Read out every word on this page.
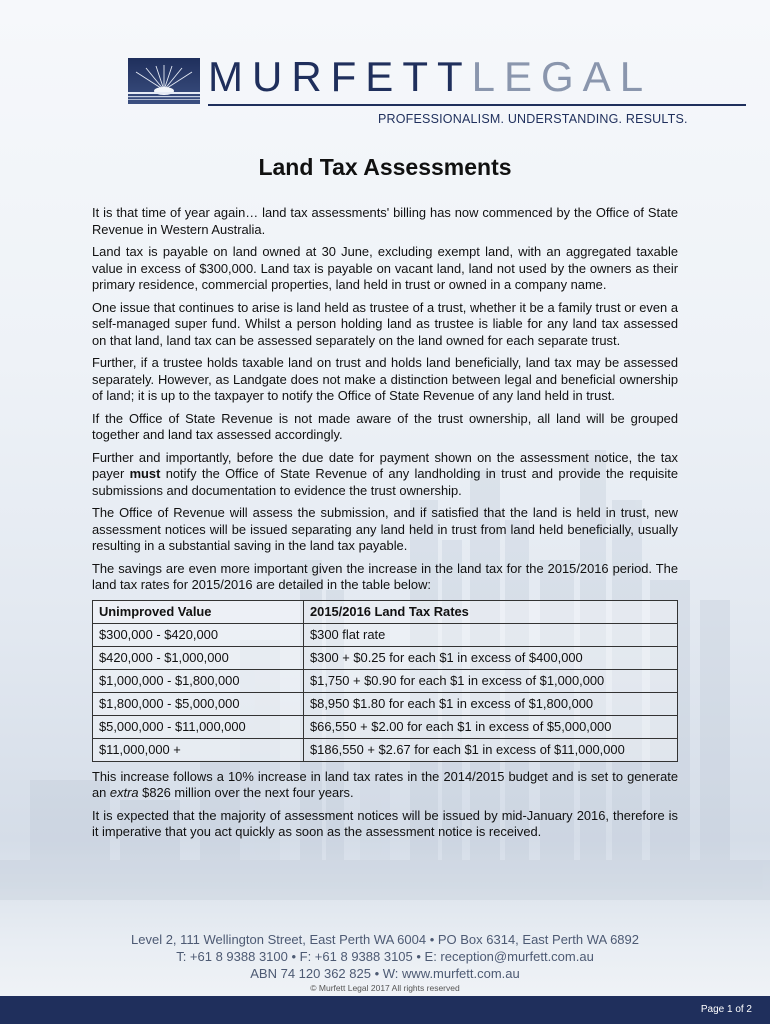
MURFETTLEGAL
PROFESSIONALISM. UNDERSTANDING. RESULTS.
Land Tax Assessments

It is that time of year again… land tax assessments' billing has now commenced by the Office of State Revenue in Western Australia.

Land tax is payable on land owned at 30 June, excluding exempt land, with an aggregated taxable value in excess of $300,000. Land tax is payable on vacant land, land not used by the owners as their primary residence, commercial properties, land held in trust or owned in a company name.

One issue that continues to arise is land held as trustee of a trust, whether it be a family trust or even a self-managed super fund. Whilst a person holding land as trustee is liable for any land tax assessed on that land, land tax can be assessed separately on the land owned for each separate trust.

Further, if a trustee holds taxable land on trust and holds land beneficially, land tax may be assessed separately. However, as Landgate does not make a distinction between legal and beneficial ownership of land; it is up to the taxpayer to notify the Office of State Revenue of any land held in trust.

If the Office of State Revenue is not made aware of the trust ownership, all land will be grouped together and land tax assessed accordingly.

Further and importantly, before the due date for payment shown on the assessment notice, the tax payer must notify the Office of State Revenue of any landholding in trust and provide the requisite submissions and documentation to evidence the trust ownership.

The Office of Revenue will assess the submission, and if satisfied that the land is held in trust, new assessment notices will be issued separating any land held in trust from land held beneficially, usually resulting in a substantial saving in the land tax payable.

The savings are even more important given the increase in the land tax for the 2015/2016 period. The land tax rates for 2015/2016 are detailed in the table below:

Unimproved Value	2015/2016 Land Tax Rates
$300,000 - $420,000	$300 flat rate
$420,000 - $1,000,000	$300 + $0.25 for each $1 in excess of $400,000
$1,000,000 - $1,800,000	$1,750 + $0.90 for each $1 in excess of $1,000,000
$1,800,000 - $5,000,000	$8,950 $1.80 for each $1 in excess of $1,800,000
$5,000,000 - $11,000,000	$66,550 + $2.00 for each $1 in excess of $5,000,000
$11,000,000 +	$186,550 + $2.67 for each $1 in excess of $11,000,000

This increase follows a 10% increase in land tax rates in the 2014/2015 budget and is set to generate an extra $826 million over the next four years.

It is expected that the majority of assessment notices will be issued by mid-January 2016, therefore is it imperative that you act quickly as soon as the assessment notice is received.

Level 2, 111 Wellington Street, East Perth WA 6004 • PO Box 6314, East Perth WA 6892
T: +61 8 9388 3100 • F: +61 8 9388 3105 • E: reception@murfett.com.au
ABN 74 120 362 825 • W: www.murfett.com.au
© Murfett Legal 2017 All rights reserved
Page 1 of 2
